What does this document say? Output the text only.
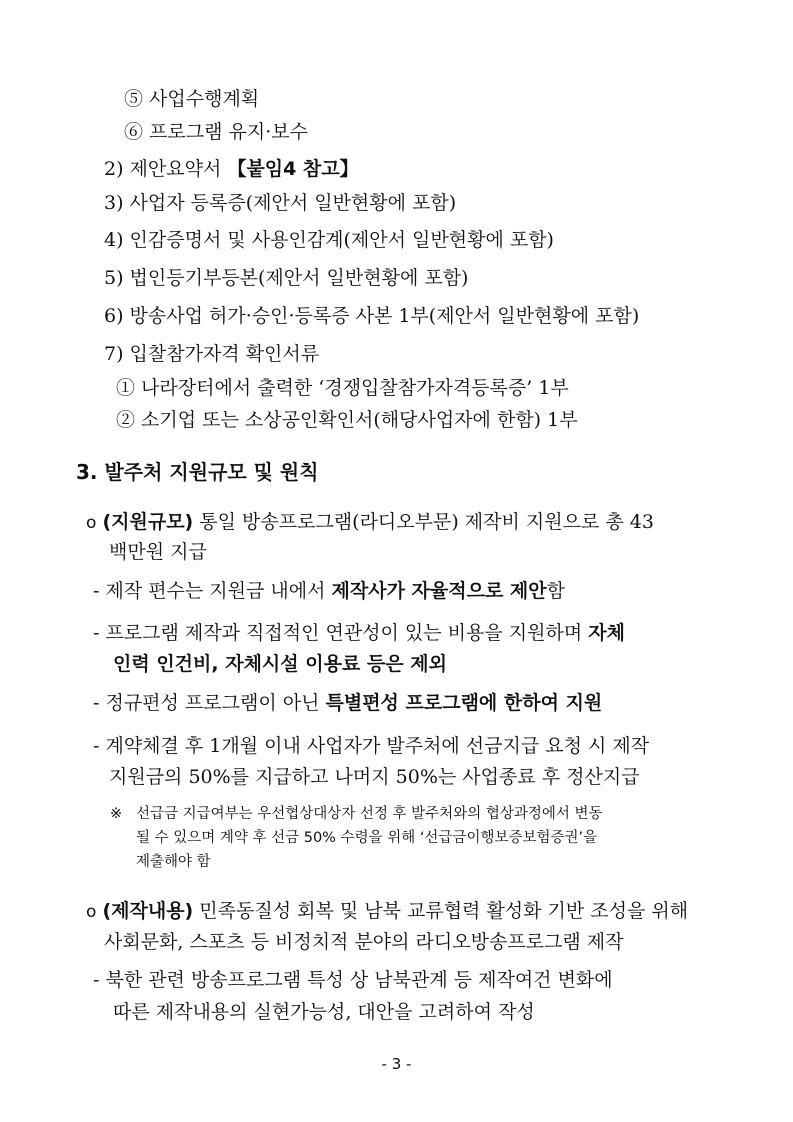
⑤ 사업수행계획
⑥ 프로그램 유지·보수
2) 제안요약서 【붙임4 참고】
3) 사업자 등록증(제안서 일반현황에 포함)
4) 인감증명서 및 사용인감계(제안서 일반현황에 포함)
5) 법인등기부등본(제안서 일반현황에 포함)
6) 방송사업 허가·승인·등록증 사본 1부(제안서 일반현황에 포함)
7) 입찰참가자격 확인서류
① 나라장터에서 출력한 ‘경쟁입찰참가자격등록증’ 1부
② 소기업 또는 소상공인확인서(해당사업자에 한함) 1부
3. 발주처 지원규모 및 원칙
o (지원규모) 통일 방송프로그램(라디오부문) 제작비 지원으로 총 43
백만원 지급
- 제작 편수는 지원금 내에서 제작사가 자율적으로 제안함
- 프로그램 제작과 직접적인 연관성이 있는 비용을 지원하며 자체
인력 인건비, 자체시설 이용료 등은 제외
- 정규편성 프로그램이 아닌 특별편성 프로그램에 한하여 지원
- 계약체결 후 1개월 이내 사업자가 발주처에 선금지급 요청 시 제작
지원금의 50%를 지급하고 나머지 50%는 사업종료 후 정산지급
※ 선급금 지급여부는 우선협상대상자 선정 후 발주처와의 협상과정에서 변동
될 수 있으며 계약 후 선금 50% 수령을 위해 ‘선급금이행보증보험증권’을
제출해야 함
o (제작내용) 민족동질성 회복 및 남북 교류협력 활성화 기반 조성을 위해
사회문화, 스포츠 등 비정치적 분야의 라디오방송프로그램 제작
- 북한 관련 방송프로그램 특성 상 남북관계 등 제작여건 변화에
따른 제작내용의 실현가능성, 대안을 고려하여 작성
- 3 -
